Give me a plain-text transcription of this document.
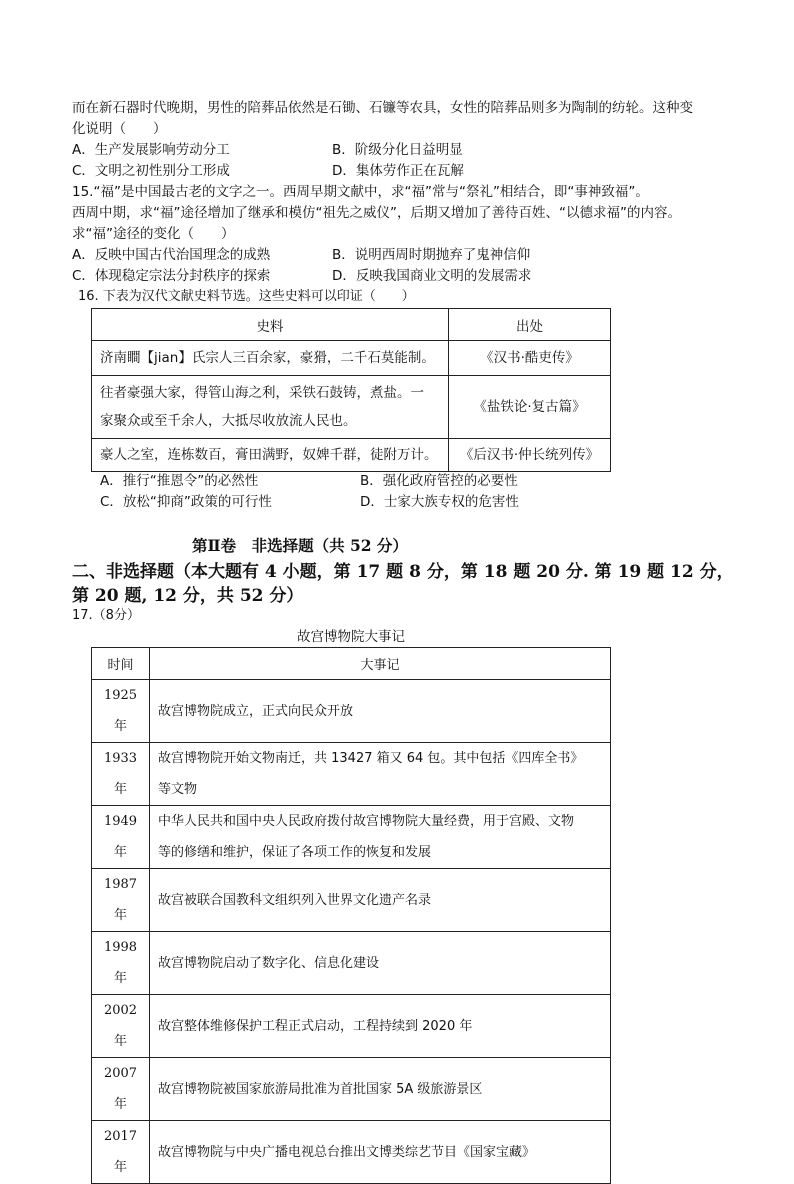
而在新石器时代晚期，男性的陪葬品依然是石锄、石镰等农具，女性的陪葬品则多为陶制的纺轮。这种变
化说明（　　）
A．生产发展影响劳动分工	B．阶级分化日益明显
C．文明之初性别分工形成	D．集体劳作正在瓦解
15.“福”是中国最古老的文字之一。西周早期文献中，求“福”常与“祭礼”相结合，即“事神致福”。
西周中期，求“福”途径增加了继承和模仿“祖先之威仪”，后期又增加了善待百姓、“以德求福”的内容。
求“福”途径的变化（　　）
A．反映中国古代治国理念的成熟	B．说明西周时期抛弃了鬼神信仰
C．体现稳定宗法分封秩序的探索	D．反映我国商业文明的发展需求
16. 下表为汉代文献史料节选。这些史料可以印证（　　）
史料	出处

济南瞷【jian】氏宗人三百余家，豪猾，二千石莫能制。	《汉书·酷吏传》

往者豪强大家，得管山海之利，采铁石鼓铸，煮盐。一
家聚众或至千余人，大抵尽收放流人民也。	《盐铁论·复古篇》

豪人之室，连栋数百，膏田满野，奴婢千群，徒附万计。	《后汉书·仲长统列传》
A．推行“推恩令”的必然性	B．强化政府管控的必要性
C．放松“抑商”政策的可行性	D．士家大族专权的危害性
第Ⅱ卷　非选择题（共 52 分）
二、非选择题（本大题有 4 小题，第 17 题 8 分，第 18 题 20 分. 第 19 题 12 分，
第 20 题, 12 分，共 52 分）
17.（8分）
故宫博物院大事记
时间	大事记
1925年	故宫博物院成立，正式向民众开放

1933年	故宫博物院开始文物南迁，共 13427 箱又 64 包。其中包括《四库全书》
等文物

1949年	中华人民共和国中央人民政府拨付故宫博物院大量经费，用于宫殿、文物
等的修缮和维护，保证了各项工作的恢复和发展

1987年	故宫被联合国教科文组织列入世界文化遗产名录

1998年	故宫博物院启动了数字化、信息化建设

2002年	故宫整体维修保护工程正式启动，工程持续到 2020 年

2007年	故宫博物院被国家旅游局批准为首批国家 5A 级旅游景区

2017年	故宫博物院与中央广播电视总台推出文博类综艺节目《国家宝藏》
